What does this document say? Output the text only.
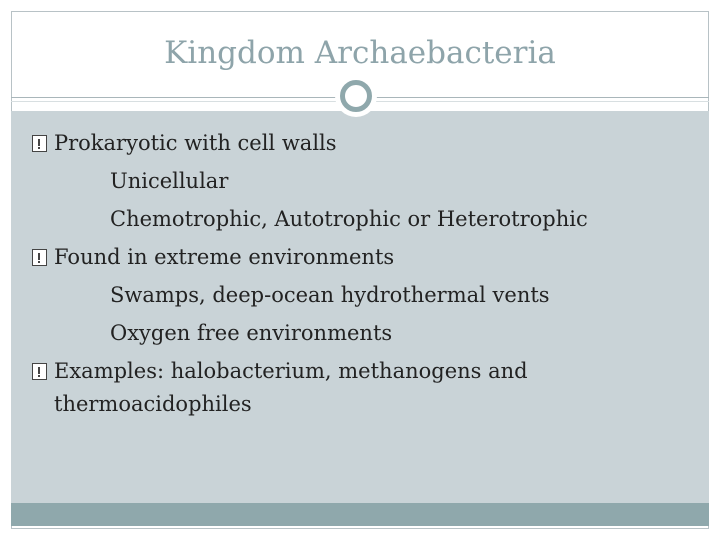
Kingdom Archaebacteria
Prokaryotic with cell walls
Unicellular
Chemotrophic, Autotrophic or Heterotrophic
Found in extreme environments
Swamps, deep-ocean hydrothermal vents
Oxygen free environments
Examples: halobacterium, methanogens and
thermoacidophiles
